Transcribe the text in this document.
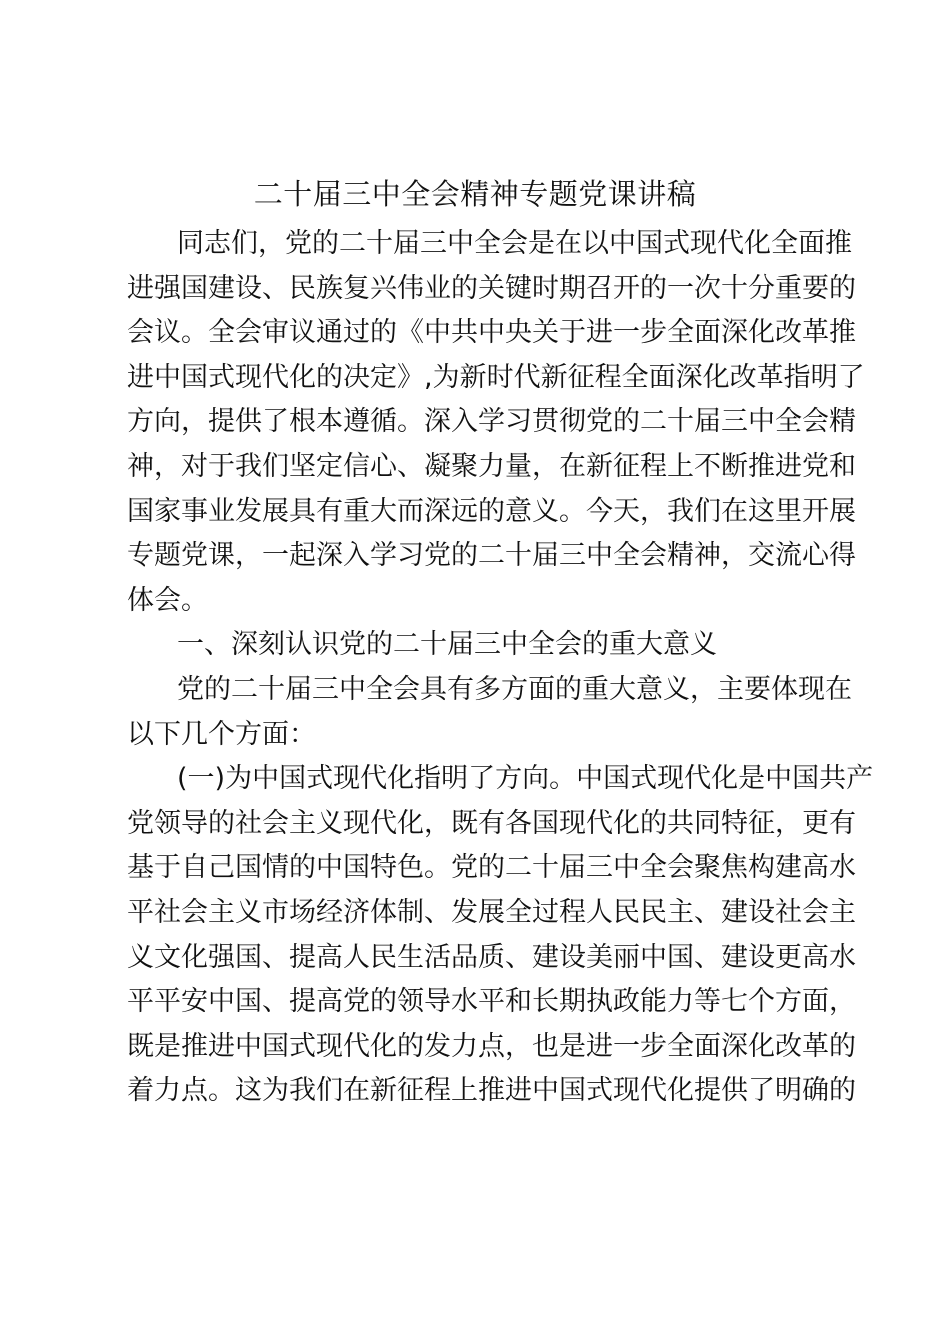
二十届三中全会精神专题党课讲稿
同志们，党的二十届三中全会是在以中国式现代化全面推
进强国建设、民族复兴伟业的关键时期召开的一次十分重要的
会议。全会审议通过的《中共中央关于进一步全面深化改革推
进中国式现代化的决定》,为新时代新征程全面深化改革指明了
方向，提供了根本遵循。深入学习贯彻党的二十届三中全会精
神，对于我们坚定信心、凝聚力量，在新征程上不断推进党和
国家事业发展具有重大而深远的意义。今天，我们在这里开展
专题党课，一起深入学习党的二十届三中全会精神，交流心得
体会。
一、深刻认识党的二十届三中全会的重大意义
党的二十届三中全会具有多方面的重大意义，主要体现在
以下几个方面：
(一)为中国式现代化指明了方向。中国式现代化是中国共产
党领导的社会主义现代化，既有各国现代化的共同特征，更有
基于自己国情的中国特色。党的二十届三中全会聚焦构建高水
平社会主义市场经济体制、发展全过程人民民主、建设社会主
义文化强国、提高人民生活品质、建设美丽中国、建设更高水
平平安中国、提高党的领导水平和长期执政能力等七个方面，
既是推进中国式现代化的发力点，也是进一步全面深化改革的
着力点。这为我们在新征程上推进中国式现代化提供了明确的
